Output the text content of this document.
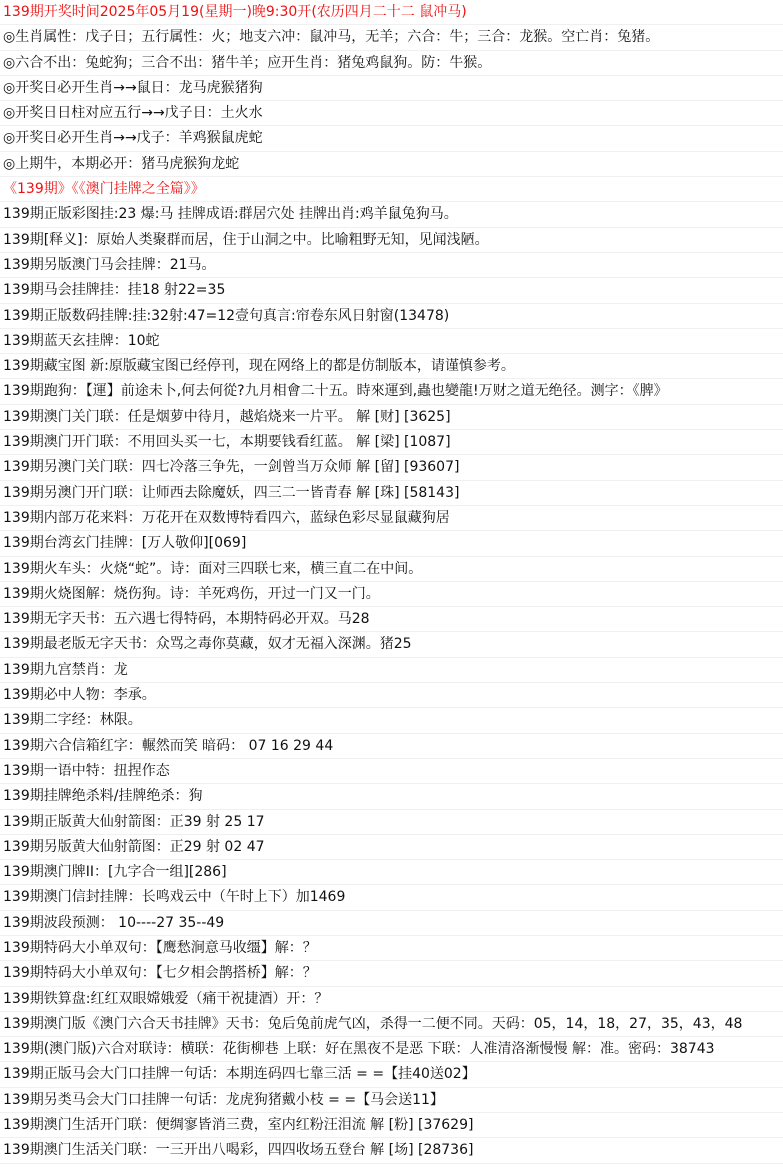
139期开奖时间2025年05月19(星期一)晚9:30开(农历四月二十二 鼠冲马)
◎生肖属性：戊子日；五行属性：火；地支六冲：鼠冲马，无羊；六合：牛；三合：龙猴。空亡肖：兔猪。
◎六合不出：兔蛇狗；三合不出：猪牛羊；应开生肖：猪兔鸡鼠狗。防：牛猴。
◎开奖日必开生肖→→鼠日：龙马虎猴猪狗
◎开奖日日柱对应五行→→戊子日：土火水
◎开奖日必开生肖→→戊子：羊鸡猴鼠虎蛇
◎上期牛，本期必开：猪马虎猴狗龙蛇
《139期》《《澳门挂牌之全篇》》
139期正版彩图挂:23 爆:马 挂牌成语:群居穴处 挂牌出肖:鸡羊鼠兔狗马。
139期[释义]：原始人类聚群而居，住于山洞之中。比喻粗野无知，见闻浅陋。
139期另版澳门马会挂牌：21马。
139期马会挂牌挂：挂18 射22=35
139期正版数码挂牌:挂:32射:47=12壹句真言:帘卷东风日射窗(13478)
139期蓝天玄挂牌：10蛇
139期藏宝图 新:原版藏宝图已经停刊，现在网络上的都是仿制版本，请谨慎参考。
139期跑狗：【運】前途未卜,何去何從?九月相會二十五。時來運到,蟲也變龍!万财之道无绝径。测字：《脾》
139期澳门关门联：任是烟萝中待月，越焰烧来一片平。 解 [财] [3625]
139期澳门开门联：不用回头买一七，本期要钱看红蓝。 解 [梁] [1087]
139期另澳门关门联：四七冷落三争先，一剑曾当万众师 解 [留] [93607]
139期另澳门开门联：让师西去除魔妖，四三二一皆青春 解 [珠] [58143]
139期内部万花来料：万花开在双数博特看四六，蓝绿色彩尽显鼠藏狗居
139期台湾玄门挂牌：[万人敬仰][069]
139期火车头：火烧“蛇”。诗：面对三四联七来，横三直二在中间。
139期火烧图解：烧伤狗。诗：羊死鸡伤，开过一门又一门。
139期无字天书：五六遇七得特码，本期特码必开双。马28
139期最老版无字天书：众骂之毒你莫藏，奴才无福入深渊。猪25
139期九宫禁肖：龙
139期必中人物：李承。
139期二字经：林限。
139期六合信箱红字：輾然而笑 暗码： 07 16 29 44
139期一语中特：扭捏作态
139期挂牌绝杀料/挂牌绝杀：狗
139期正版黄大仙射箭图：正39 射 25 17
139期另版黄大仙射箭图：正29 射 02 47
139期澳门牌II：[九字合一组][286]
139期澳门信封挂牌：长鸣戏云中（午时上下）加1469
139期波段预测： 10----27 35--49
139期特码大小单双句：【鹰愁涧意马收缰】解：？
139期特码大小单双句：【七夕相会鹊搭桥】解：？
139期铁算盘:红红双眼嫦娥爱（痛干祝捷酒）开：？
139期澳门版《澳门六合天书挂牌》天书：兔后兔前虎气凶，杀得一二便不同。天码：05，14，18，27，35，43，48
139期(澳门版)六合对联诗：横联：花街柳巷 上联：好在黑夜不是恶 下联：人准清洛渐慢慢 解：准。密码：38743
139期正版马会大门口挂牌一句话：本期连码四七靠三活 = =【挂40送02】
139期另类马会大门口挂牌一句话：龙虎狗猪戴小枝 = =【马会送11】
139期澳门生活开门联：便绸寥皆消三费，室内红粉汪泪流 解 [粉] [37629]
139期澳门生活关门联：一三开出八喝彩，四四收场五登台 解 [场] [28736]
